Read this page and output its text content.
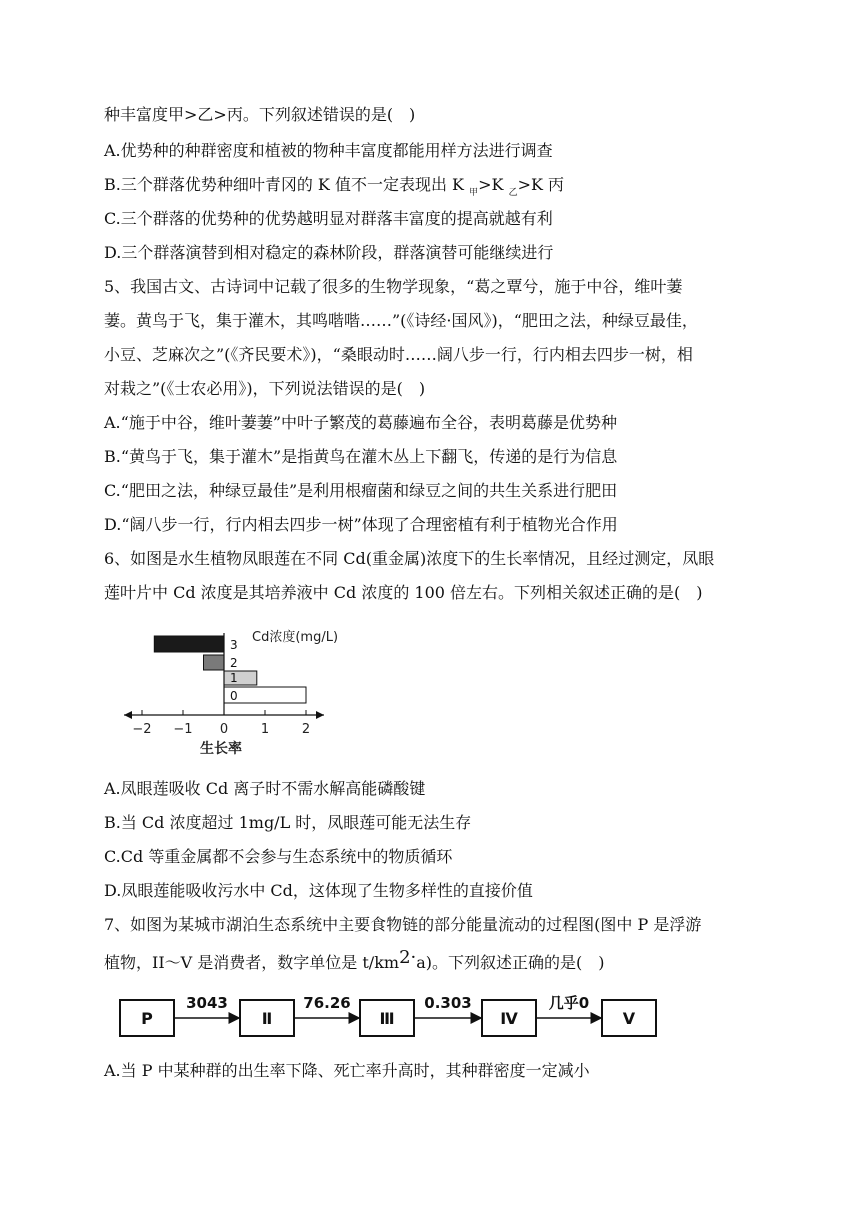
种丰富度甲>乙>丙。下列叙述错误的是(　)
A.优势种的种群密度和植被的物种丰富度都能用样方法进行调查
B.三个群落优势种细叶青冈的 K 值不一定表现出 K $_甲$>K $_乙$>K 丙
C.三个群落的优势种的优势越明显对群落丰富度的提高就越有利
D.三个群落演替到相对稳定的森林阶段，群落演替可能继续进行
5、我国古文、古诗词中记载了很多的生物学现象，“葛之覃兮，施于中谷，维叶萋
萋。黄鸟于飞，集于灌木，其鸣喈喈……”(《诗经·国风》)，“肥田之法，种绿豆最佳，
小豆、芝麻次之”(《齐民要术》)，“桑眼动时……阔八步一行，行内相去四步一树，相
对栽之”(《士农必用》)，下列说法错误的是(　)
A.“施于中谷，维叶萋萋”中叶子繁茂的葛藤遍布全谷，表明葛藤是优势种
B.“黄鸟于飞，集于灌木”是指黄鸟在灌木丛上下翻飞，传递的是行为信息
C.“肥田之法，种绿豆最佳”是利用根瘤菌和绿豆之间的共生关系进行肥田
D.“阔八步一行，行内相去四步一树”体现了合理密植有利于植物光合作用
6、如图是水生植物凤眼莲在不同 Cd(重金属)浓度下的生长率情况，且经过测定，凤眼
莲叶片中 Cd 浓度是其培养液中 Cd 浓度的 100 倍左右。下列相关叙述正确的是(　)
Cd浓度(mg/L)
3
2
1
0
−2 −1 0	1	2
生长率
A.凤眼莲吸收 Cd 离子时不需水解高能磷酸键
B.当 Cd 浓度超过 1mg/L 时，凤眼莲可能无法生存
C.Cd 等重金属都不会参与生态系统中的物质循环
D.凤眼莲能吸收污水中 Cd，这体现了生物多样性的直接价值
7、如图为某城市湖泊生态系统中主要食物链的部分能量流动的过程图(图中 P 是浮游
植物，II～V 是消费者，数字单位是 t/km2·a)。下列叙述正确的是(　)
P	Ⅱ	Ⅲ	Ⅳ	V
3043	76.26	0.303	几乎0
A.当 P 中某种群的出生率下降、死亡率升高时，其种群密度一定减小
